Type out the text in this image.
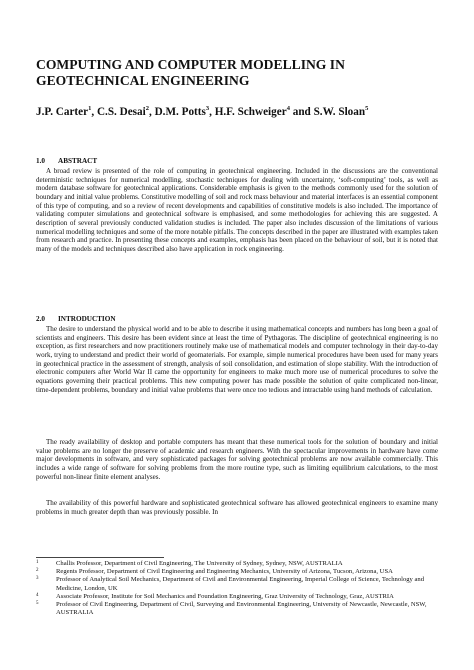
COMPUTING AND COMPUTER MODELLING IN GEOTECHNICAL ENGINEERING

J.P. Carter$^1$, C.S. Desai$^2$, D.M. Potts$^3$, H.F. Schweiger$^4$ and S.W. Sloan$^5$

1.0 ABSTRACT

A broad review is presented of the role of computing in geotechnical engineering. Included in the discussions are the conventional deterministic techniques for numerical modelling, stochastic techniques for dealing with uncertainty, ‘soft-computing’ tools, as well as modern database software for geotechnical applications. Considerable emphasis is given to the methods commonly used for the solution of boundary and initial value problems. Constitutive modelling of soil and rock mass behaviour and material interfaces is an essential component of this type of computing, and so a review of recent developments and capabilities of constitutive models is also included. The importance of validating computer simulations and geotechnical software is emphasised, and some methodologies for achieving this are suggested. A description of several previously conducted validation studies is included. The paper also includes discussion of the limitations of various numerical modelling techniques and some of the more notable pitfalls. The concepts described in the paper are illustrated with examples taken from research and practice. In presenting these concepts and examples, emphasis has been placed on the behaviour of soil, but it is noted that many of the models and techniques described also have application in rock engineering.

2.0 INTRODUCTION

The desire to understand the physical world and to be able to describe it using mathematical concepts and numbers has long been a goal of scientists and engineers. This desire has been evident since at least the time of Pythagoras. The discipline of geotechnical engineering is no exception, as first researchers and now practitioners routinely make use of mathematical models and computer technology in their day-to-day work, trying to understand and predict their world of geomaterials. For example, simple numerical procedures have been used for many years in geotechnical practice in the assessment of strength, analysis of soil consolidation, and estimation of slope stability. With the introduction of electronic computers after World War II came the opportunity for engineers to make much more use of numerical procedures to solve the equations governing their practical problems. This new computing power has made possible the solution of quite complicated non-linear, time-dependent problems, boundary and initial value problems that were once too tedious and intractable using hand methods of calculation.

The ready availability of desktop and portable computers has meant that these numerical tools for the solution of boundary and initial value problems are no longer the preserve of academic and research engineers. With the spectacular improvements in hardware have come major developments in software, and very sophisticated packages for solving geotechnical problems are now available commercially. This includes a wide range of software for solving problems from the more routine type, such as limiting equilibrium calculations, to the most powerful non-linear finite element analyses.

The availability of this powerful hardware and sophisticated geotechnical software has allowed geotechnical engineers to examine many problems in much greater depth than was previously possible. In

1	Challis Professor, Department of Civil Engineering, The University of Sydney, Sydney, NSW, AUSTRALIA
2	Regents Professor, Department of Civil Engineering and Engineering Mechanics, University of Arizona, Tucson, Arizona, USA
3	Professor of Analytical Soil Mechanics, Department of Civil and Environmental Engineering, Imperial College of Science, Technology and Medicine, London, UK
4	Associate Professor, Institute for Soil Mechanics and Foundation Engineering, Graz University of Technology, Graz, AUSTRIA
5	Professor of Civil Engineering, Department of Civil, Surveying and Environmental Engineering, University of Newcastle, Newcastle, NSW, AUSTRALIA
